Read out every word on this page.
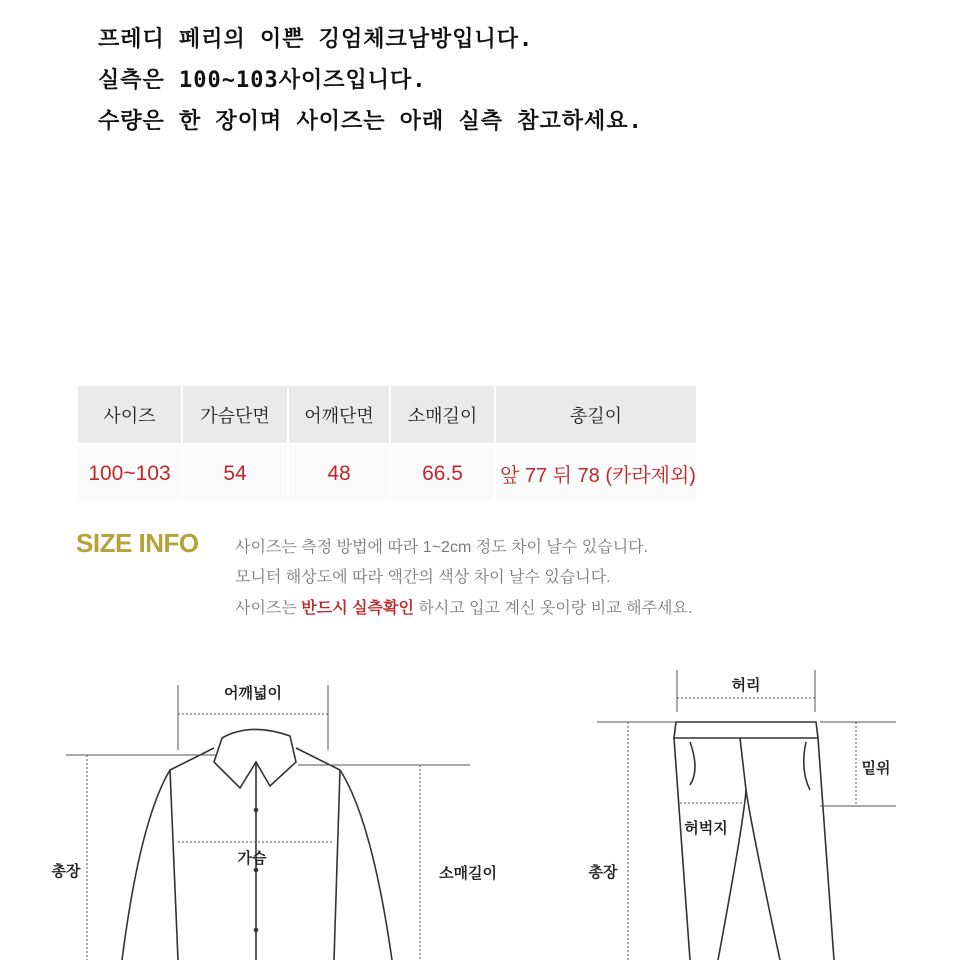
프레디 페리의 이쁜 깅엄체크남방입니다.
실측은 100~103사이즈입니다.
수량은 한 장이며 사이즈는 아래 실측 참고하세요.
사이즈	가슴단면	어깨단면	소매길이	총길이
100~103	54	48	66.5	앞 77 뒤 78 (카라제외)
SIZE INFO 사이즈는 측정 방법에 따라 1~2cm 정도 차이 날수 있습니다.
모니터 해상도에 따라 액간의 색상 차이 날수 있습니다.
사이즈는 반드시 실측확인 하시고 입고 계신 옷이랑 비교 해주세요.
어깨넓이
가슴
총장	소매길이
허리
밑위
허벅지
총장
